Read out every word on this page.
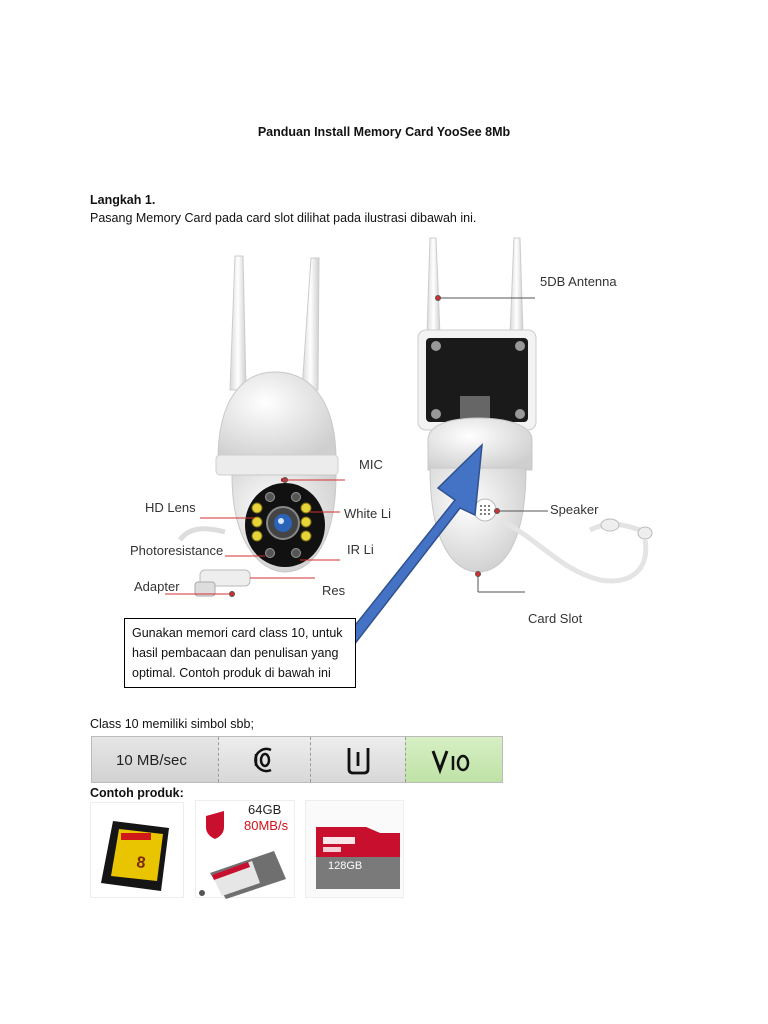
Panduan Install Memory Card YooSee 8Mb
Langkah 1.
Pasang Memory Card pada card slot dilihat pada ilustrasi dibawah ini.
HD Lens
Photoresistance
Adapter
MIC
White Li
IR Li
Res
5DB Antenna
Speaker
Card Slot
Gunakan memori card class 10, untuk hasil pembacaan dan penulisan yang optimal. Contoh produk di bawah ini
Class 10 memiliki simbol sbb;
10 MB/sec
Contoh produk:
8
64GB
80MB/s
128GB
